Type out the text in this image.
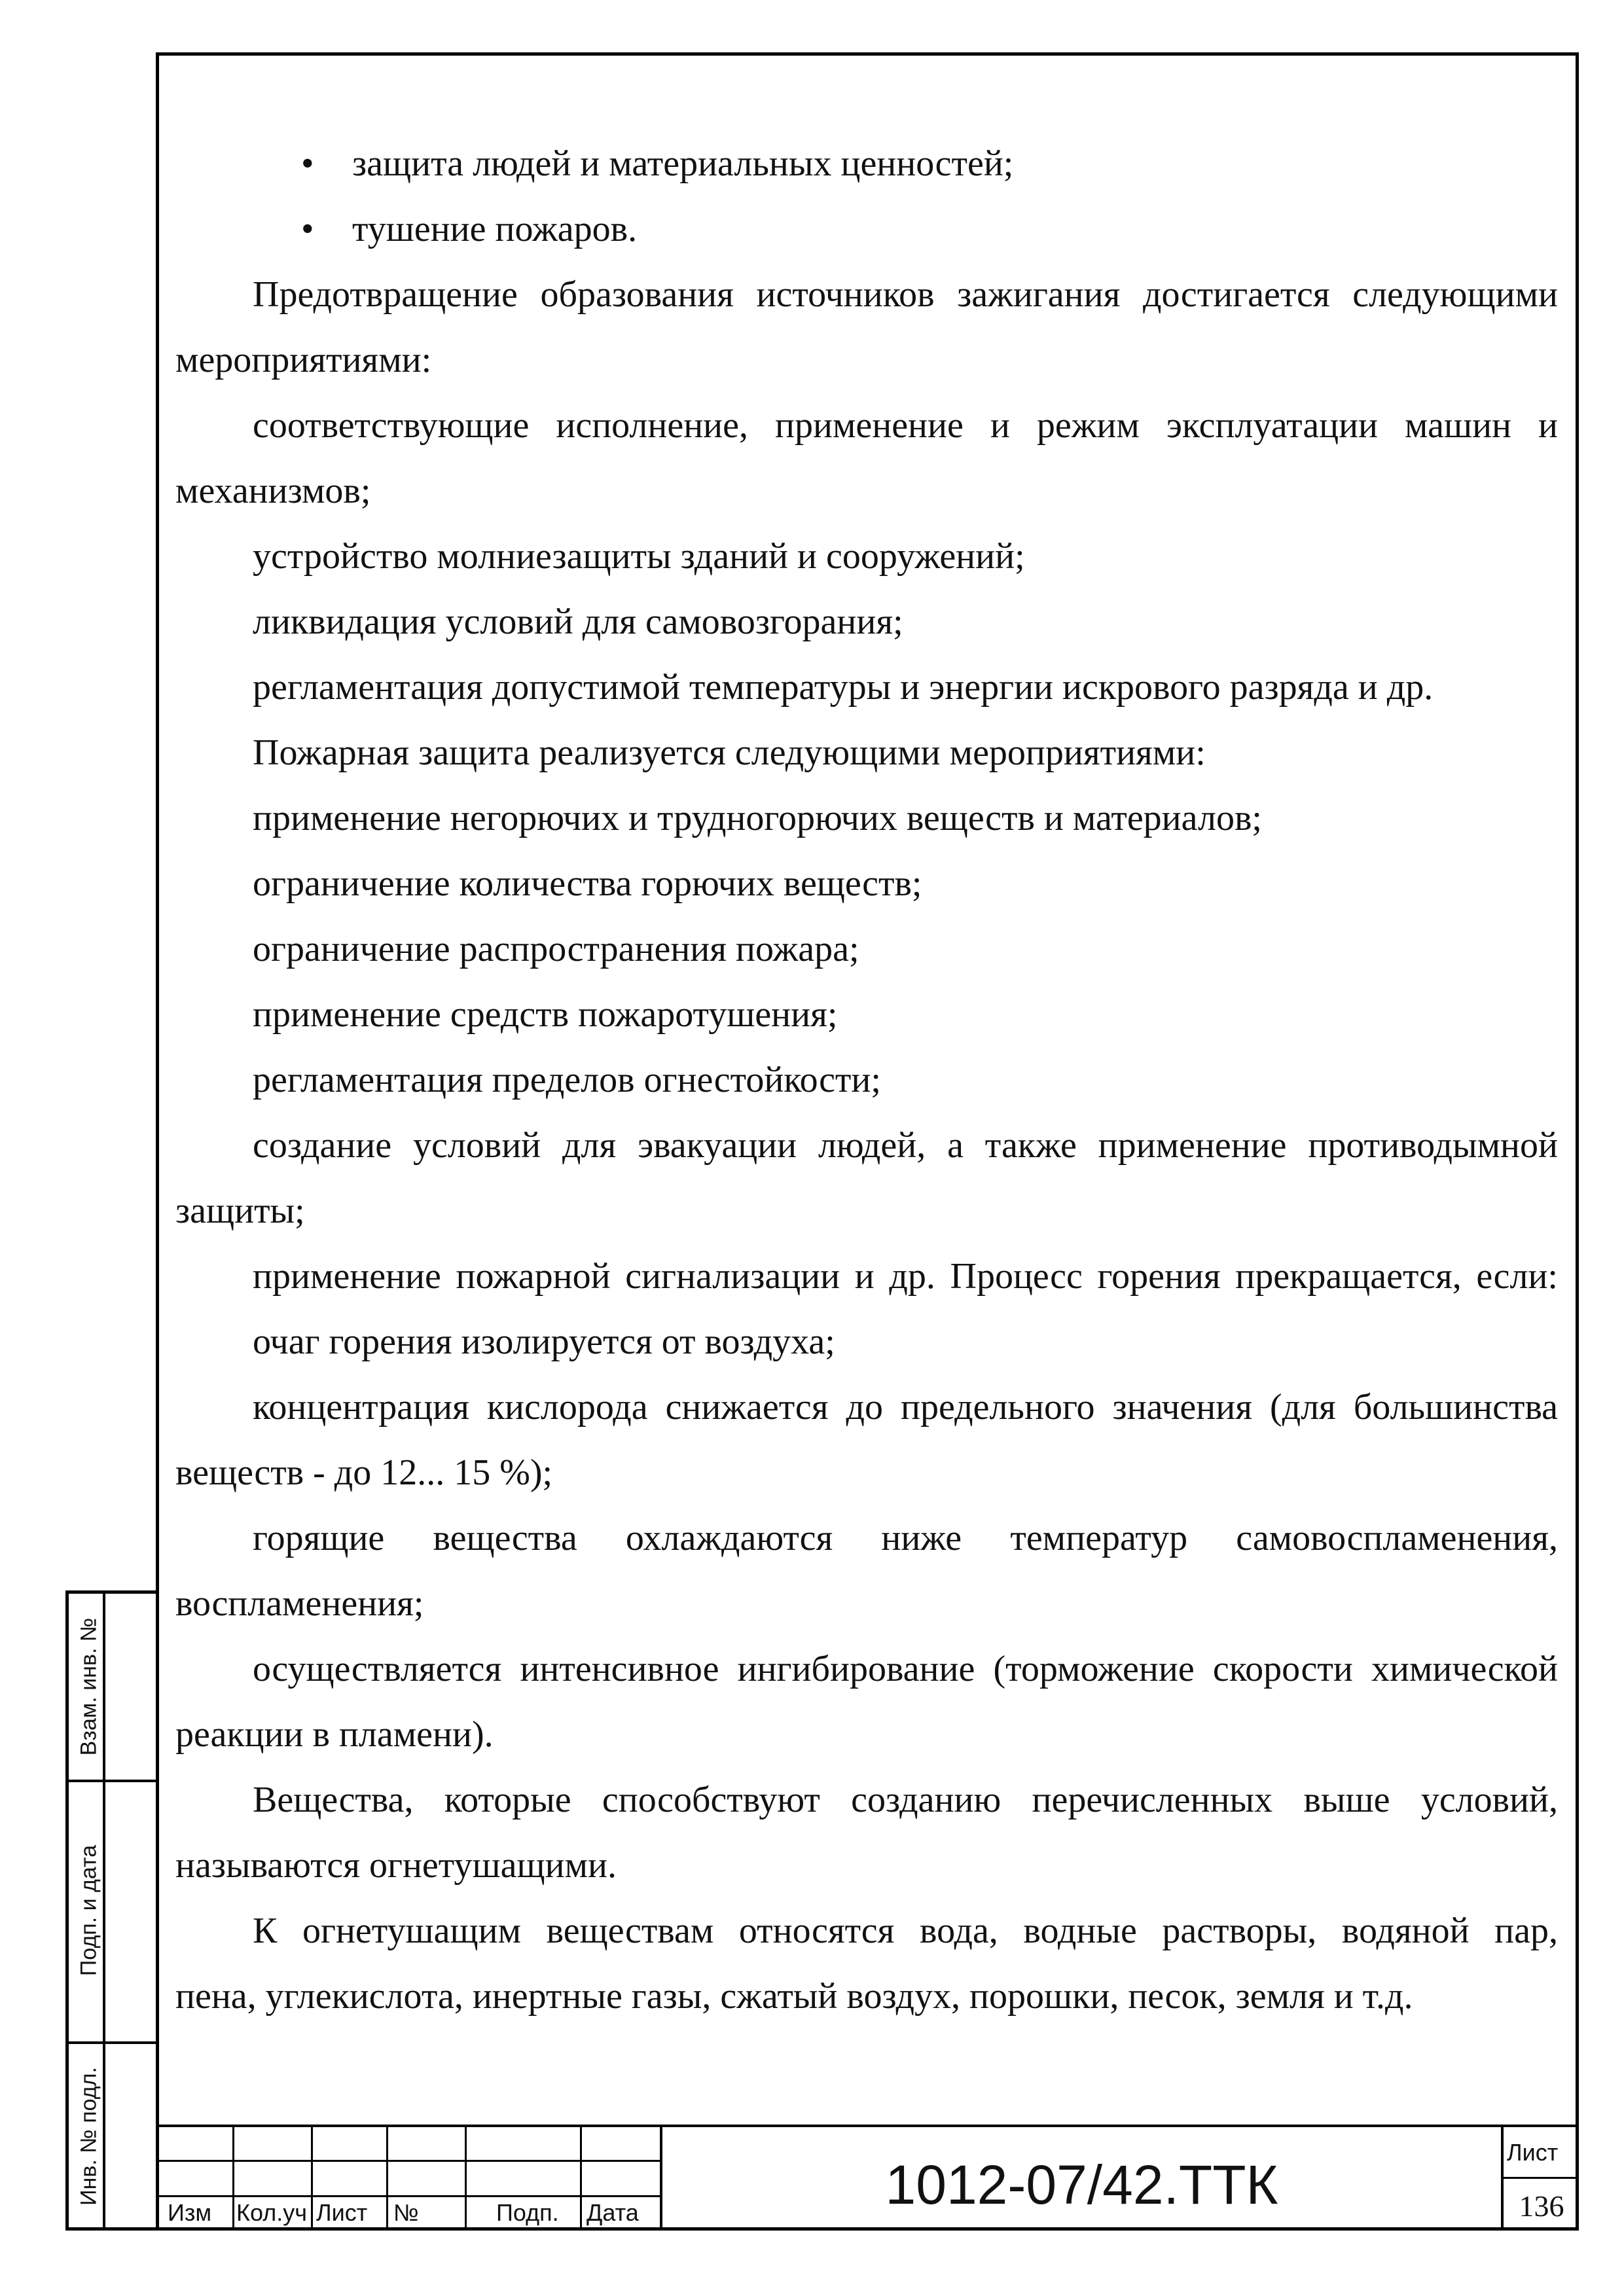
• защита людей и материальных ценностей;
• тушение пожаров.
Предотвращение образования источников зажигания достигается следующими
мероприятиями:
соответствующие исполнение, применение и режим эксплуатации машин и
механизмов;
устройство молниезащиты зданий и сооружений;
ликвидация условий для самовозгорания;
регламентация допустимой температуры и энергии искрового разряда и др.
Пожарная защита реализуется следующими мероприятиями:
применение негорючих и трудногорючих веществ и материалов;
ограничение количества горючих веществ;
ограничение распространения пожара;
применение средств пожаротушения;
регламентация пределов огнестойкости;
создание условий для эвакуации людей, а также применение противодымной
защиты;
применение пожарной сигнализации и др. Процесс горения прекращается, если:
очаг горения изолируется от воздуха;
концентрация кислорода снижается до предельного значения (для большинства
веществ - до 12... 15 %);
горящие вещества охлаждаются ниже температур самовоспламенения,
воспламенения;
осуществляется интенсивное ингибирование (торможение скорости химической
реакции в пламени).
Вещества, которые способствуют созданию перечисленных выше условий,
называются огнетушащими.
К огнетушащим веществам относятся вода, водные растворы, водяной пар,
пена, углекислота, инертные газы, сжатый воздух, порошки, песок, земля и т.д.
Взам. инв. №
Подп. и дата
Инв. № подл.
Изм Кол.уч Лист №	Подп. Дата	1012-07/42.ТТК
Лист
136
